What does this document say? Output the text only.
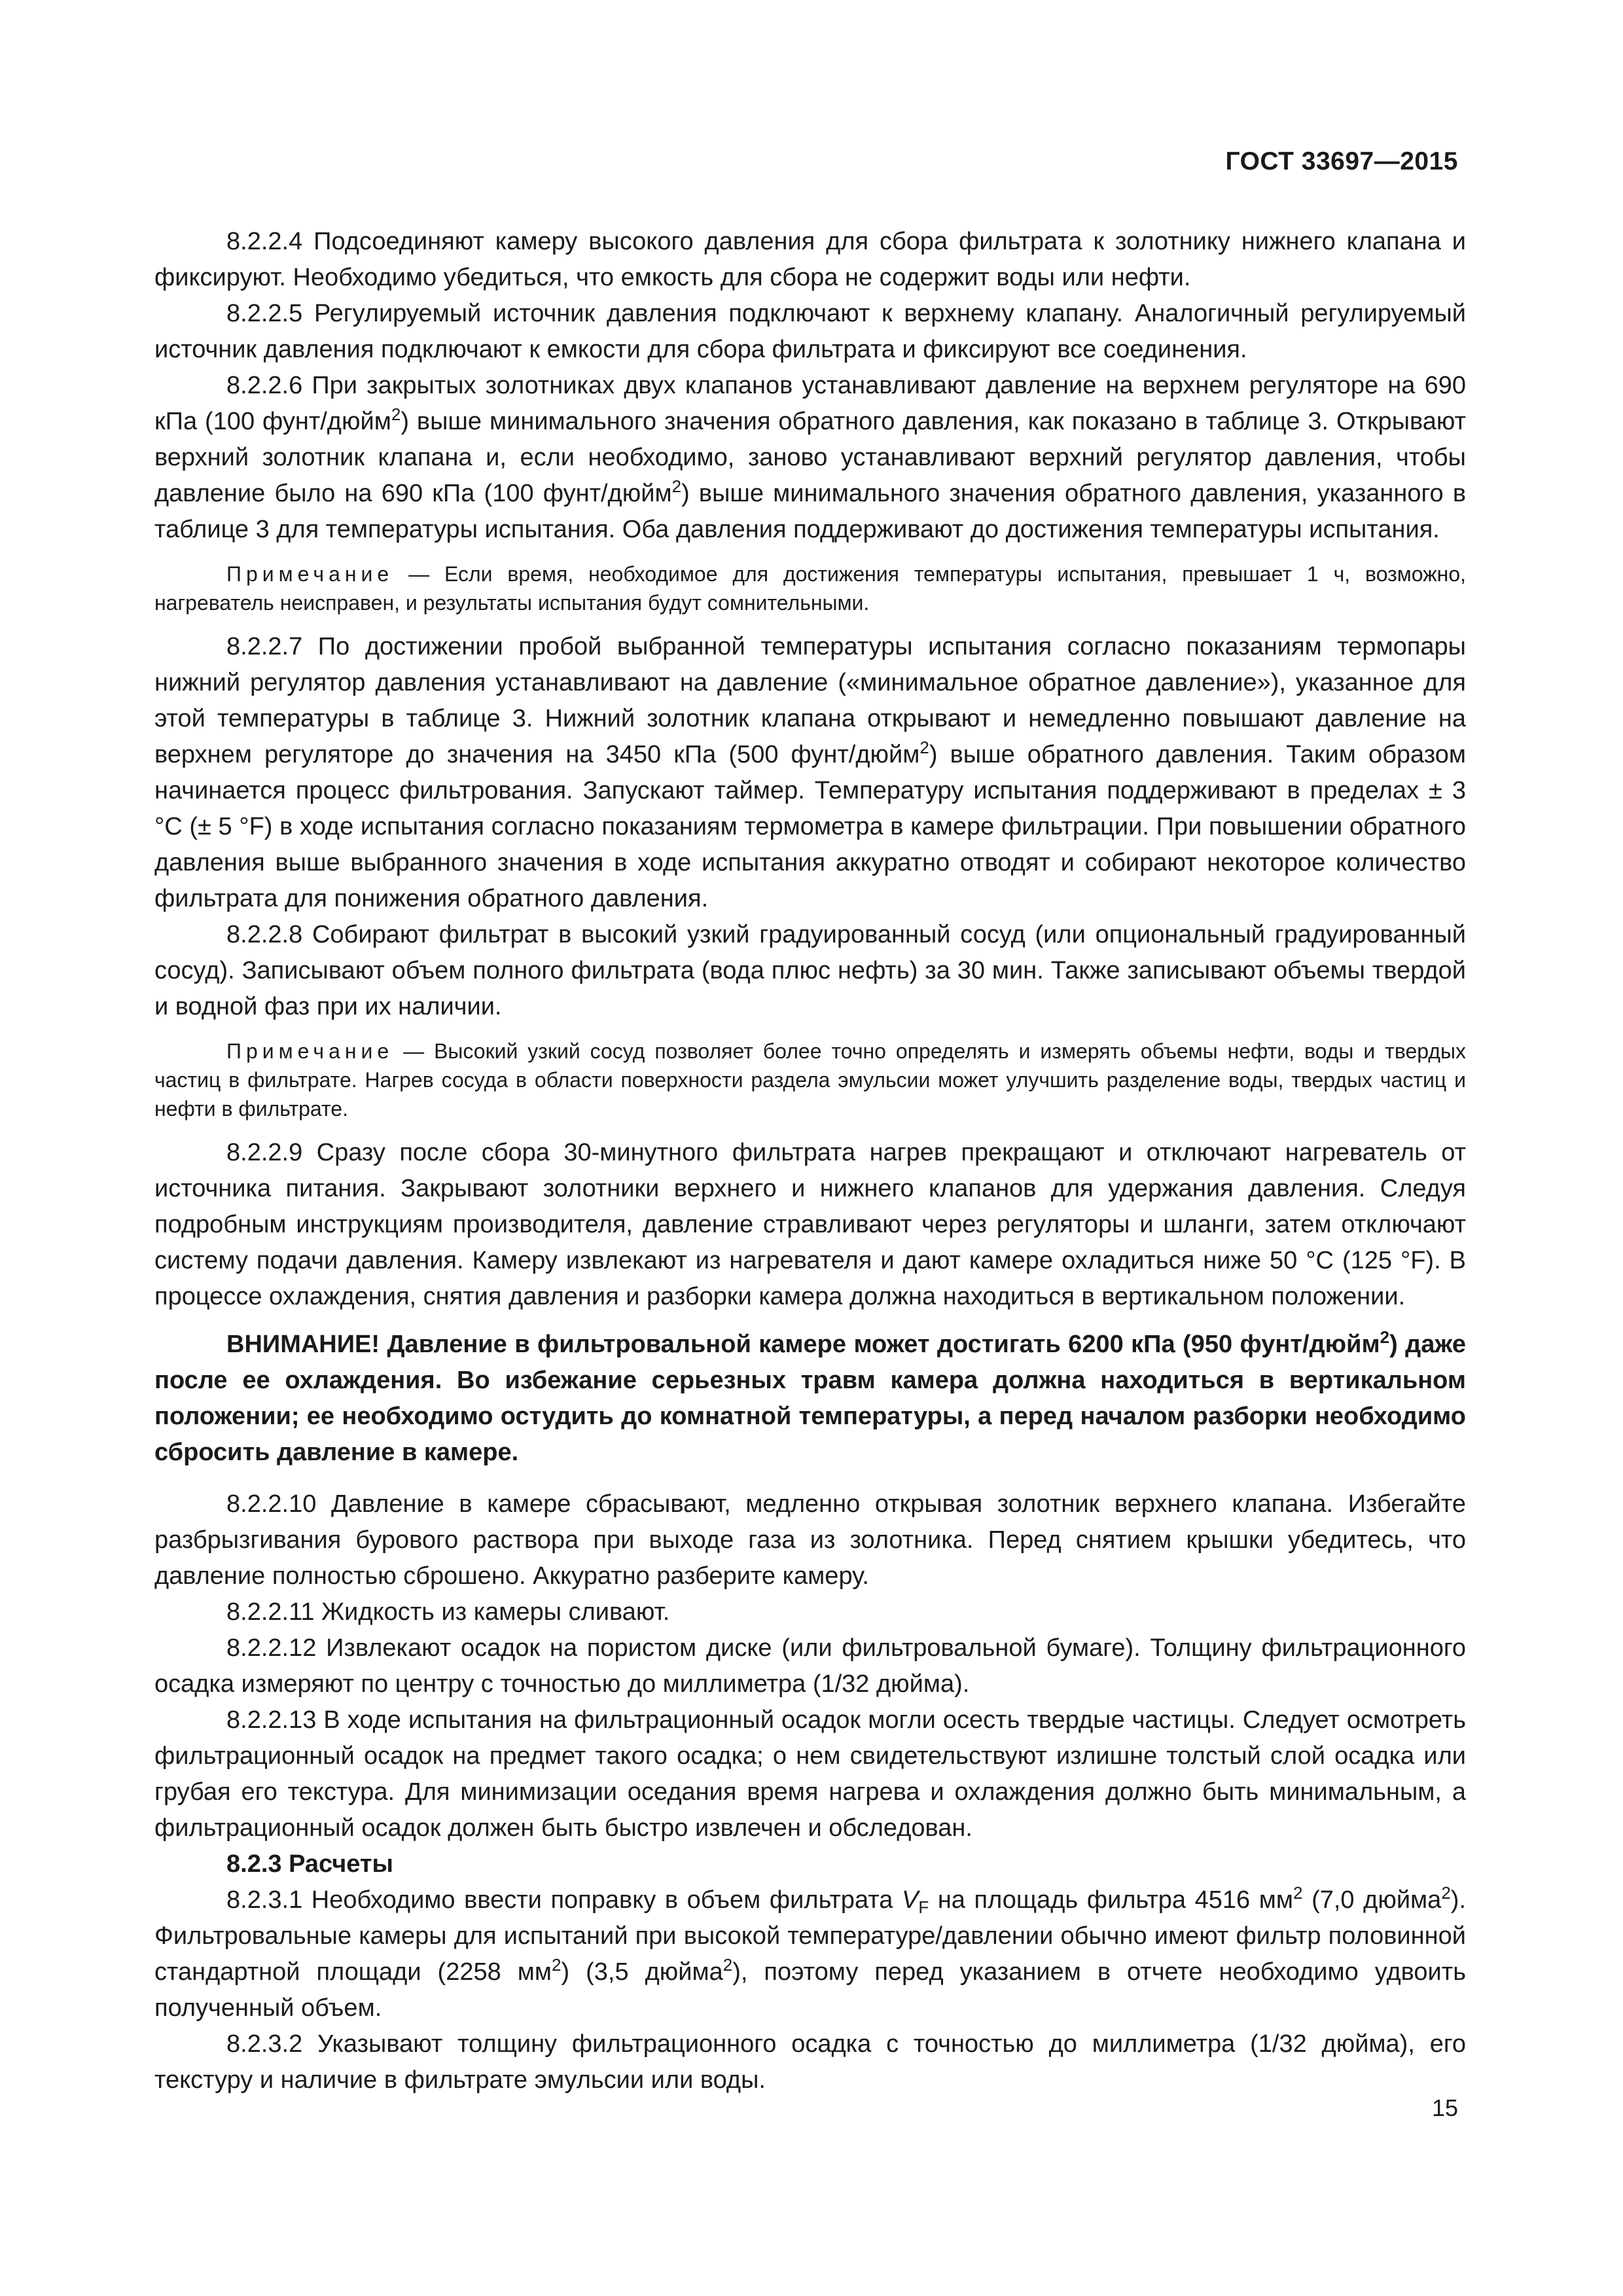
ГОСТ 33697—2015

8.2.2.4 Подсоединяют камеру высокого давления для сбора фильтрата к золотнику нижнего клапана и фиксируют. Необходимо убедиться, что емкость для сбора не содержит воды или нефти.

8.2.2.5 Регулируемый источник давления подключают к верхнему клапану. Аналогичный регулируемый источник давления подключают к емкости для сбора фильтрата и фиксируют все соединения.

8.2.2.6 При закрытых золотниках двух клапанов устанавливают давление на верхнем регуляторе на 690 кПа (100 фунт/дюйм$^2$) выше минимального значения обратного давления, как показано в таблице 3. Открывают верхний золотник клапана и, если необходимо, заново устанавливают верхний регулятор давления, чтобы давление было на 690 кПа (100 фунт/дюйм$^2$) выше минимального значения обратного давления, указанного в таблице 3 для температуры испытания. Оба давления поддерживают до достижения температуры испытания.

Примечание — Если время, необходимое для достижения температуры испытания, превышает 1 ч, возможно, нагреватель неисправен, и результаты испытания будут сомнительными.

8.2.2.7 По достижении пробой выбранной температуры испытания согласно показаниям термопары нижний регулятор давления устанавливают на давление («минимальное обратное давление»), указанное для этой температуры в таблице 3. Нижний золотник клапана открывают и немедленно повышают давление на верхнем регуляторе до значения на 3450 кПа (500 фунт/дюйм$^2$) выше обратного давления. Таким образом начинается процесс фильтрования. Запускают таймер. Температуру испытания поддерживают в пределах ± 3 °С (± 5 °F) в ходе испытания согласно показаниям термометра в камере фильтрации. При повышении обратного давления выше выбранного значения в ходе испытания аккуратно отводят и собирают некоторое количество фильтрата для понижения обратного давления.

8.2.2.8 Собирают фильтрат в высокий узкий градуированный сосуд (или опциональный градуированный сосуд). Записывают объем полного фильтрата (вода плюс нефть) за 30 мин. Также записывают объемы твердой и водной фаз при их наличии.

Примечание — Высокий узкий сосуд позволяет более точно определять и измерять объемы нефти, воды и твердых частиц в фильтрате. Нагрев сосуда в области поверхности раздела эмульсии может улучшить разделение воды, твердых частиц и нефти в фильтрате.

8.2.2.9 Сразу после сбора 30-минутного фильтрата нагрев прекращают и отключают нагреватель от источника питания. Закрывают золотники верхнего и нижнего клапанов для удержания давления. Следуя подробным инструкциям производителя, давление стравливают через регуляторы и шланги, затем отключают систему подачи давления. Камеру извлекают из нагревателя и дают камере охладиться ниже 50 °С (125 °F). В процессе охлаждения, снятия давления и разборки камера должна находиться в вертикальном положении.

ВНИМАНИЕ! Давление в фильтровальной камере может достигать 6200 кПа (950 фунт/дюйм$^2$) даже после ее охлаждения. Во избежание серьезных травм камера должна находиться в вертикальном положении; ее необходимо остудить до комнатной температуры, а перед началом разборки необходимо сбросить давление в камере.

8.2.2.10 Давление в камере сбрасывают, медленно открывая золотник верхнего клапана. Избегайте разбрызгивания бурового раствора при выходе газа из золотника. Перед снятием крышки убедитесь, что давление полностью сброшено. Аккуратно разберите камеру.

8.2.2.11 Жидкость из камеры сливают.

8.2.2.12 Извлекают осадок на пористом диске (или фильтровальной бумаге). Толщину фильтрационного осадка измеряют по центру с точностью до миллиметра (1/32 дюйма).

8.2.2.13 В ходе испытания на фильтрационный осадок могли осесть твердые частицы. Следует осмотреть фильтрационный осадок на предмет такого осадка; о нем свидетельствуют излишне толстый слой осадка или грубая его текстура. Для минимизации оседания время нагрева и охлаждения должно быть минимальным, а фильтрационный осадок должен быть быстро извлечен и обследован.

8.2.3 Расчеты

8.2.3.1 Необходимо ввести поправку в объем фильтрата $V_F$ на площадь фильтра 4516 $мм^2$ (7,0 дюйма$^2$). Фильтровальные камеры для испытаний при высокой температуре/давлении обычно имеют фильтр половинной стандартной площади (2258 $мм^2$) (3,5 дюйма$^2$), поэтому перед указанием в отчете необходимо удвоить полученный объем.

8.2.3.2 Указывают толщину фильтрационного осадка с точностью до миллиметра (1/32 дюйма), его текстуру и наличие в фильтрате эмульсии или воды.

15
